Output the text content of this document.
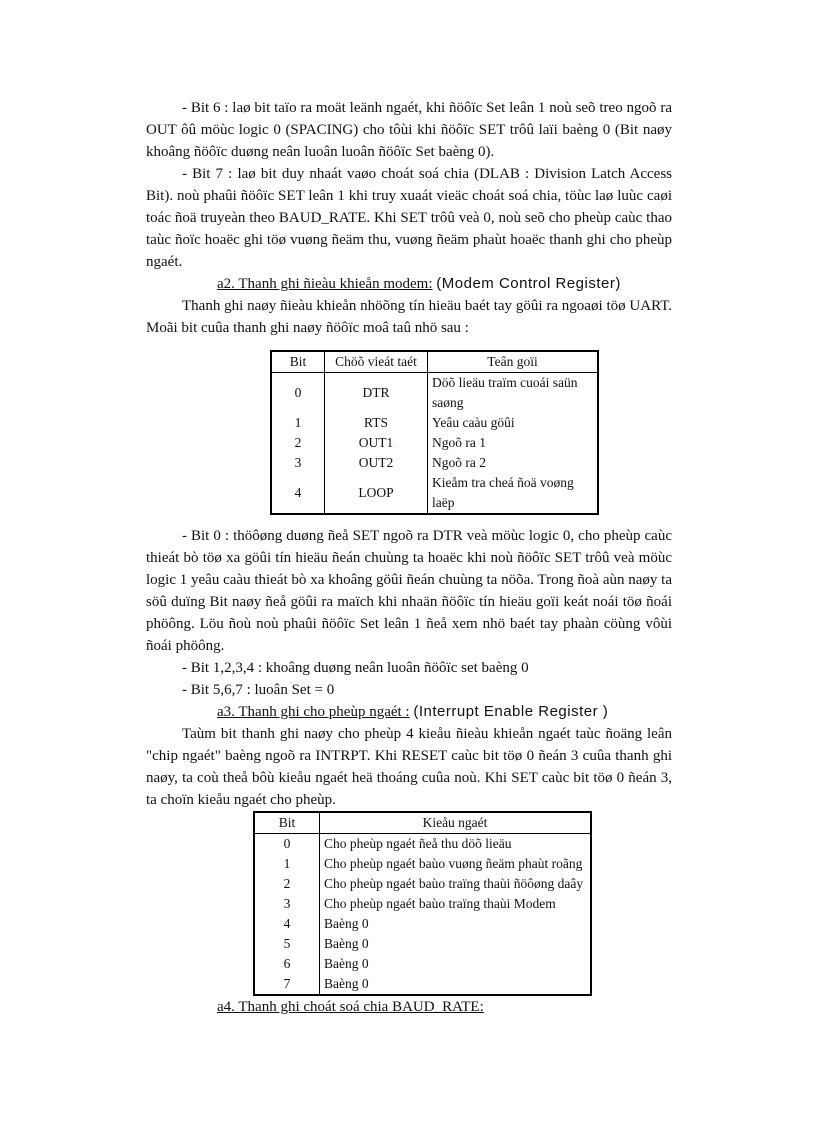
- Bit 6 : laø bit taïo ra moät leänh ngaét, khi ñöôïc Set leân 1 noù seõ treo ngoõ ra OUT ôû möùc logic 0 (SPACING) cho tôùi khi ñöôïc SET trôû laïi baèng 0 (Bit naøy khoâng ñöôïc duøng neân luoân luoân ñöôïc Set baèng 0).

- Bit 7 : laø bit duy nhaát vaøo choát soá chia (DLAB : Division Latch Access Bit). noù phaûi ñöôïc SET leân 1 khi truy xuaát vieäc choát soá chia, töùc laø luùc caøi toác ñoä truyeàn theo BAUD_RATE. Khi SET trôû veà 0, noù seõ cho pheùp caùc thao taùc ñoïc hoaëc ghi töø vuøng ñeäm thu, vuøng ñeäm phaùt hoaëc thanh ghi cho pheùp ngaét.

a2. Thanh ghi ñieàu khieån modem: (Modem Control Register)

Thanh ghi naøy ñieàu khieån nhöõng tín hieäu baét tay göûi ra ngoaøi töø UART. Moãi bit cuûa thanh ghi naøy ñöôïc moâ taû nhö sau :

Bit	Chöõ vieát taét	Teân goïi
0	DTR	Döõ lieäu traïm cuoái saün saøng
1	RTS	Yeâu caàu göûi
2	OUT1	Ngoõ ra 1
3	OUT2	Ngoõ ra 2
4	LOOP	Kieåm tra cheá ñoä voøng laëp

- Bit 0 : thöôøng duøng ñeå SET ngoõ ra DTR veà möùc logic 0, cho pheùp caùc thieát bò töø xa göûi tín hieäu ñeán chuùng ta hoaëc khi noù ñöôïc SET trôû veà möùc logic 1 yeâu caàu thieát bò xa khoâng göûi ñeán chuùng ta nöõa. Trong ñoà aùn naøy ta söû duïng Bit naøy ñeå göûi ra maïch khi nhaän ñöôïc tín hieäu goïi keát noái töø ñoái phöông. Löu ñoù noù phaûi ñöôïc Set leân 1 ñeå xem nhö baét tay phaàn cöùng vôùi ñoái phöông.

- Bit 1,2,3,4 : khoâng duøng neân luoân ñöôïc set baèng 0

- Bit 5,6,7 : luoân Set = 0

a3. Thanh ghi cho pheùp ngaét : (Interrupt Enable Register )

Taùm bit thanh ghi naøy cho pheùp 4 kieåu ñieàu khieån ngaét taùc ñoäng leân "chip ngaét" baèng ngoõ ra INTRPT. Khi RESET caùc bit töø 0 ñeán 3 cuûa thanh ghi naøy, ta coù theå bôù kieåu ngaét heä thoáng cuûa noù. Khi SET caùc bit töø 0 ñeán 3, ta choïn kieåu ngaét cho pheùp.

Bit	Kieåu ngaét
0	Cho pheùp ngaét ñeå thu döõ lieäu
1	Cho pheùp ngaét baùo vuøng ñeäm phaùt roãng
2	Cho pheùp ngaét baùo traïng thaùi ñöôøng daây
3	Cho pheùp ngaét baùo traïng thaùi Modem
4	Baèng 0
5	Baèng 0
6	Baèng 0
7	Baèng 0
a4. Thanh ghi choát soá chia BAUD_RATE:
